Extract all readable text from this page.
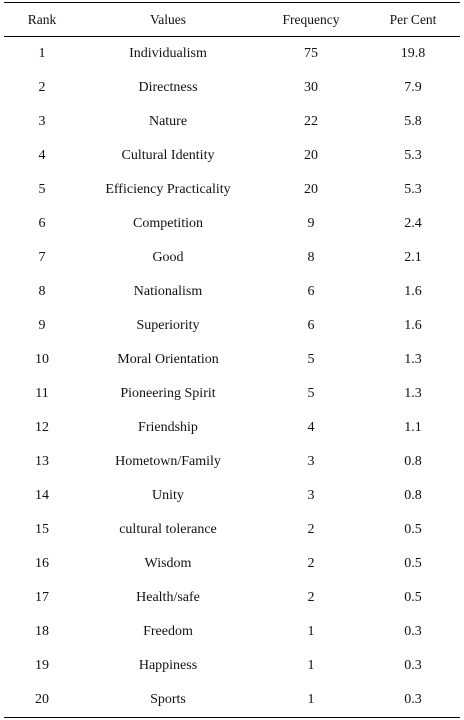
Rank	Values	Frequency	Per Cent
1	Individualism	75	19.8
2	Directness	30	7.9
3	Nature	22	5.8
4	Cultural Identity	20	5.3
5	Efficiency Practicality	20	5.3
6	Competition	9	2.4
7	Good	8	2.1
8	Nationalism	6	1.6
9	Superiority	6	1.6
10	Moral Orientation	5	1.3
11	Pioneering Spirit	5	1.3
12	Friendship	4	1.1
13	Hometown/Family	3	0.8
14	Unity	3	0.8
15	cultural tolerance	2	0.5
16	Wisdom	2	0.5
17	Health/safe	2	0.5
18	Freedom	1	0.3
19	Happiness	1	0.3
20	Sports	1	0.3
